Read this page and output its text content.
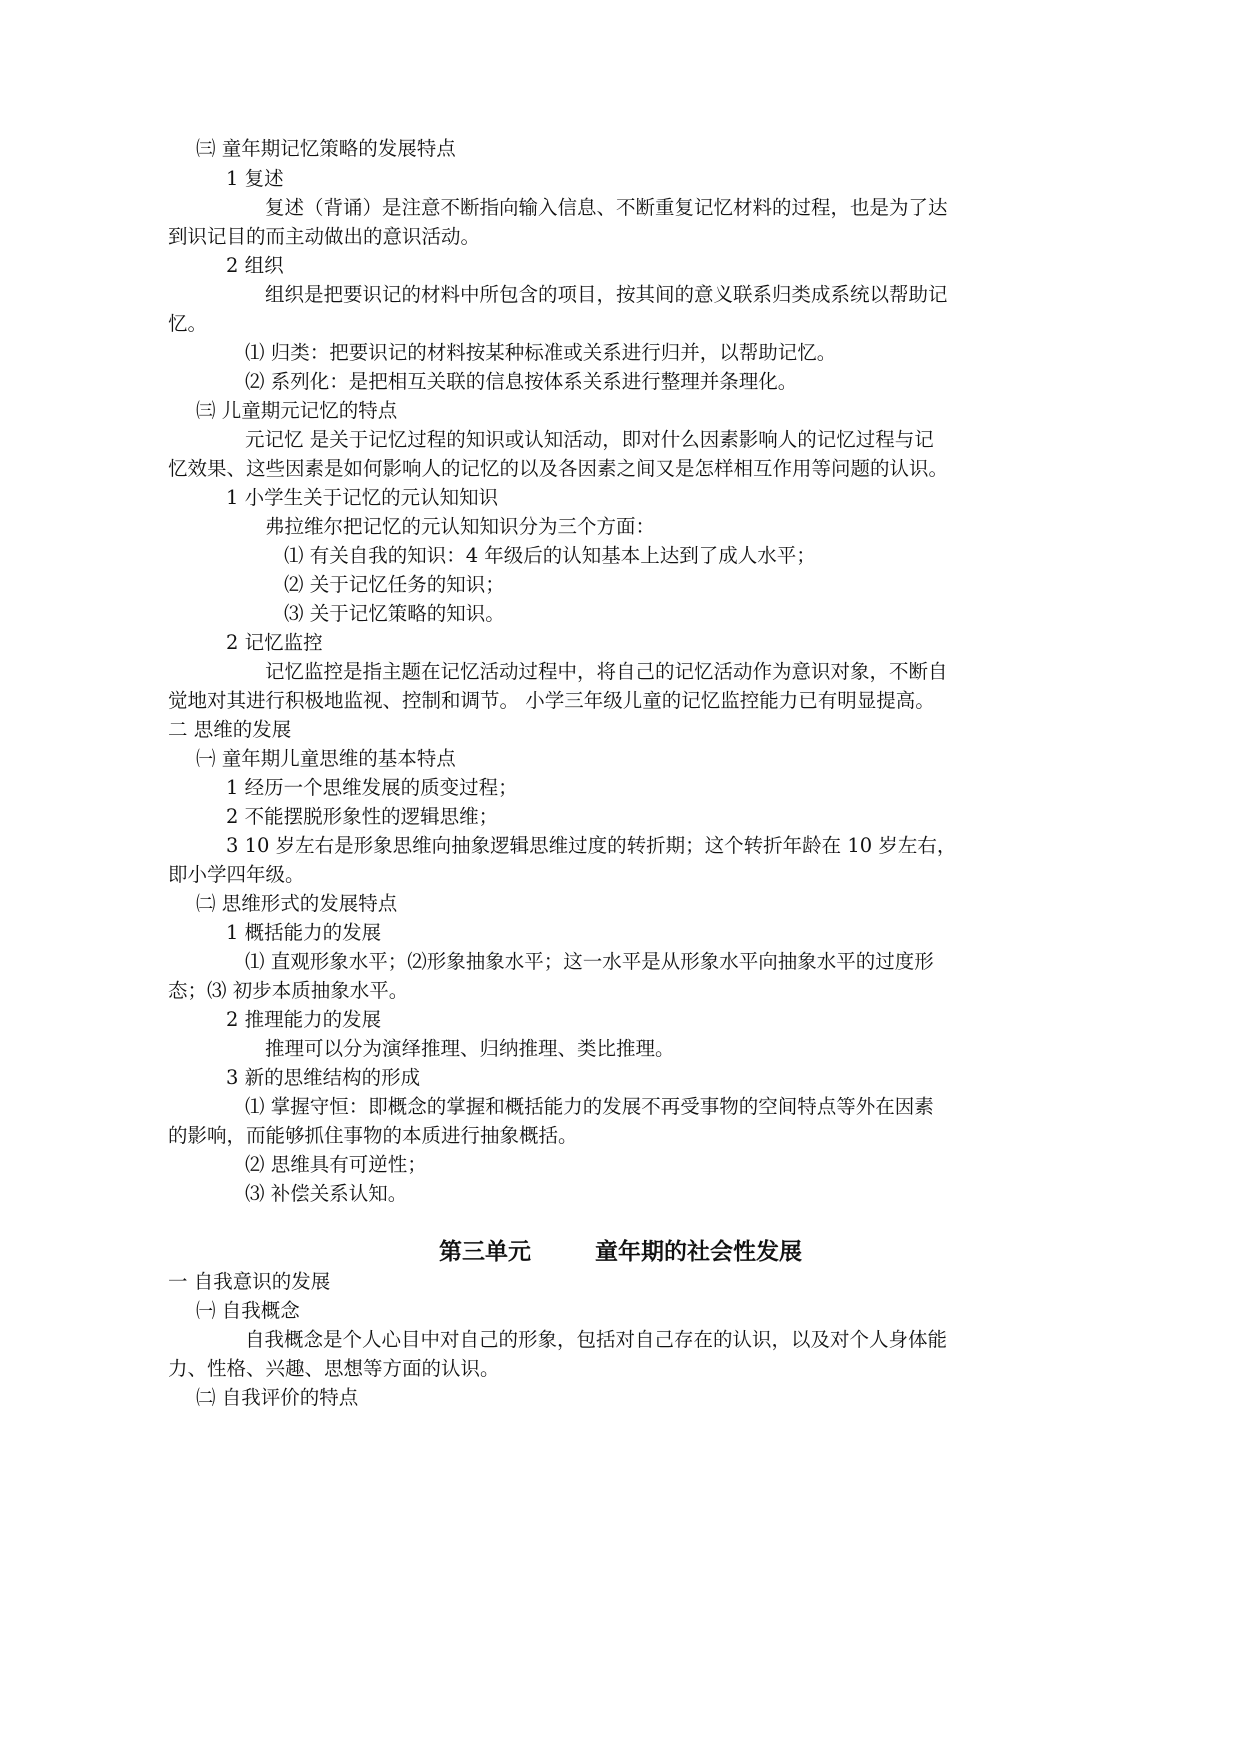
㈢ 童年期记忆策略的发展特点
1 复述
复述（背诵）是注意不断指向输入信息、不断重复记忆材料的过程，也是为了达
到识记目的而主动做出的意识活动。
2 组织
组织是把要识记的材料中所包含的项目，按其间的意义联系归类成系统以帮助记
忆。
⑴ 归类：把要识记的材料按某种标准或关系进行归并，以帮助记忆。
⑵ 系列化：是把相互关联的信息按体系关系进行整理并条理化。
㈢ 儿童期元记忆的特点
元记忆 是关于记忆过程的知识或认知活动，即对什么因素影响人的记忆过程与记
忆效果、这些因素是如何影响人的记忆的以及各因素之间又是怎样相互作用等问题的认识。
1 小学生关于记忆的元认知知识
弗拉维尔把记忆的元认知知识分为三个方面：
⑴ 有关自我的知识：4 年级后的认知基本上达到了成人水平；
⑵ 关于记忆任务的知识；
⑶ 关于记忆策略的知识。
2 记忆监控
记忆监控是指主题在记忆活动过程中，将自己的记忆活动作为意识对象，不断自
觉地对其进行积极地监视、控制和调节。 小学三年级儿童的记忆监控能力已有明显提高。
二 思维的发展
㈠ 童年期儿童思维的基本特点
1 经历一个思维发展的质变过程；
2 不能摆脱形象性的逻辑思维；
3 10 岁左右是形象思维向抽象逻辑思维过度的转折期；这个转折年龄在 10 岁左右，
即小学四年级。
㈡ 思维形式的发展特点
1 概括能力的发展
⑴ 直观形象水平；⑵形象抽象水平；这一水平是从形象水平向抽象水平的过度形
态；⑶ 初步本质抽象水平。
2 推理能力的发展
推理可以分为演绎推理、归纳推理、类比推理。
3 新的思维结构的形成
⑴ 掌握守恒：即概念的掌握和概括能力的发展不再受事物的空间特点等外在因素
的影响，而能够抓住事物的本质进行抽象概括。
⑵ 思维具有可逆性；
⑶ 补偿关系认知。
第三单元        童年期的社会性发展
一 自我意识的发展
㈠ 自我概念
自我概念是个人心目中对自己的形象，包括对自己存在的认识，以及对个人身体能
力、性格、兴趣、思想等方面的认识。
㈡ 自我评价的特点
